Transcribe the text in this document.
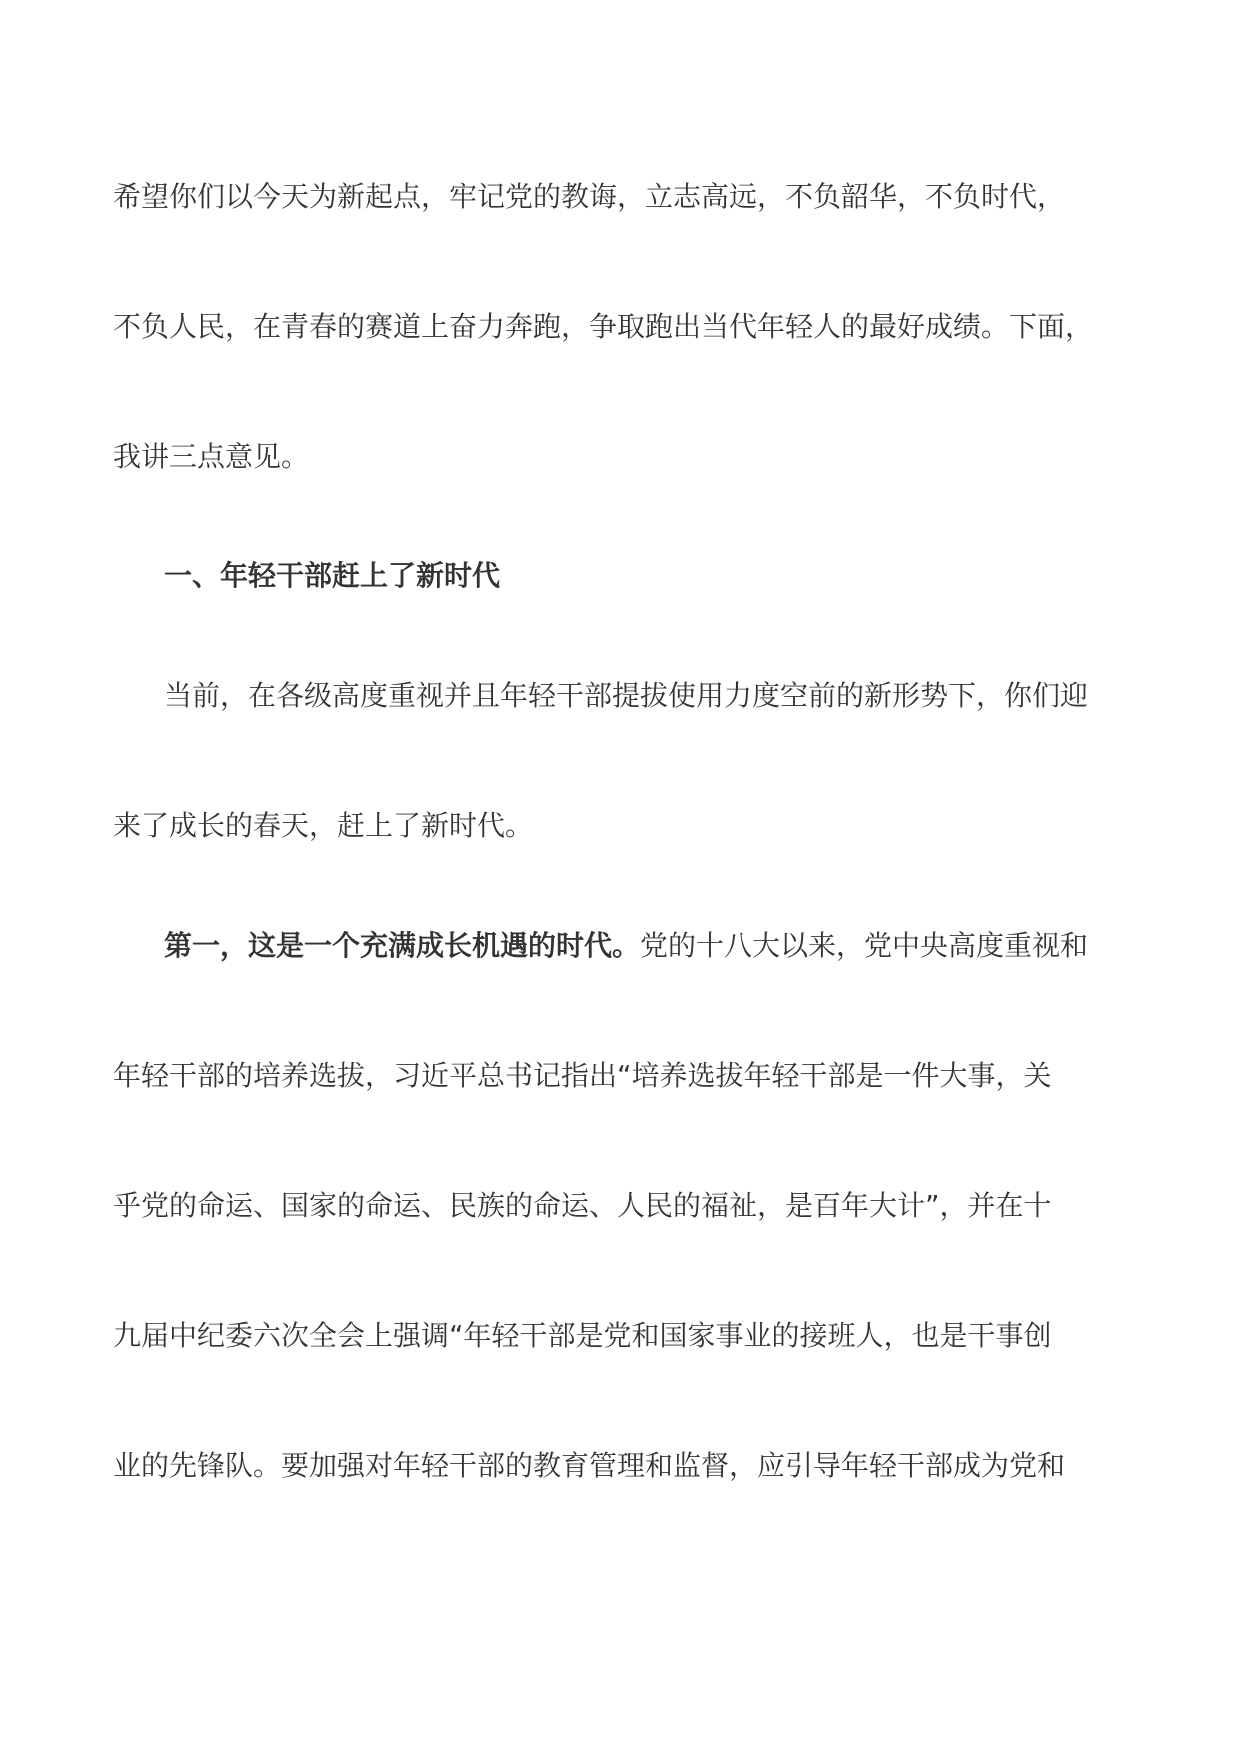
希望你们以今天为新起点，牢记党的教诲，立志高远，不负韶华，不负时代，
不负人民，在青春的赛道上奋力奔跑，争取跑出当代年轻人的最好成绩。下面，
我讲三点意见。
一、年轻干部赶上了新时代
当前，在各级高度重视并且年轻干部提拔使用力度空前的新形势下，你们迎
来了成长的春天，赶上了新时代。
第一，这是一个充满成长机遇的时代。党的十八大以来，党中央高度重视和
年轻干部的培养选拔，习近平总书记指出“培养选拔年轻干部是一件大事，关
乎党的命运、国家的命运、民族的命运、人民的福祉，是百年大计”，并在十
九届中纪委六次全会上强调“年轻干部是党和国家事业的接班人，也是干事创
业的先锋队。要加强对年轻干部的教育管理和监督，应引导年轻干部成为党和
